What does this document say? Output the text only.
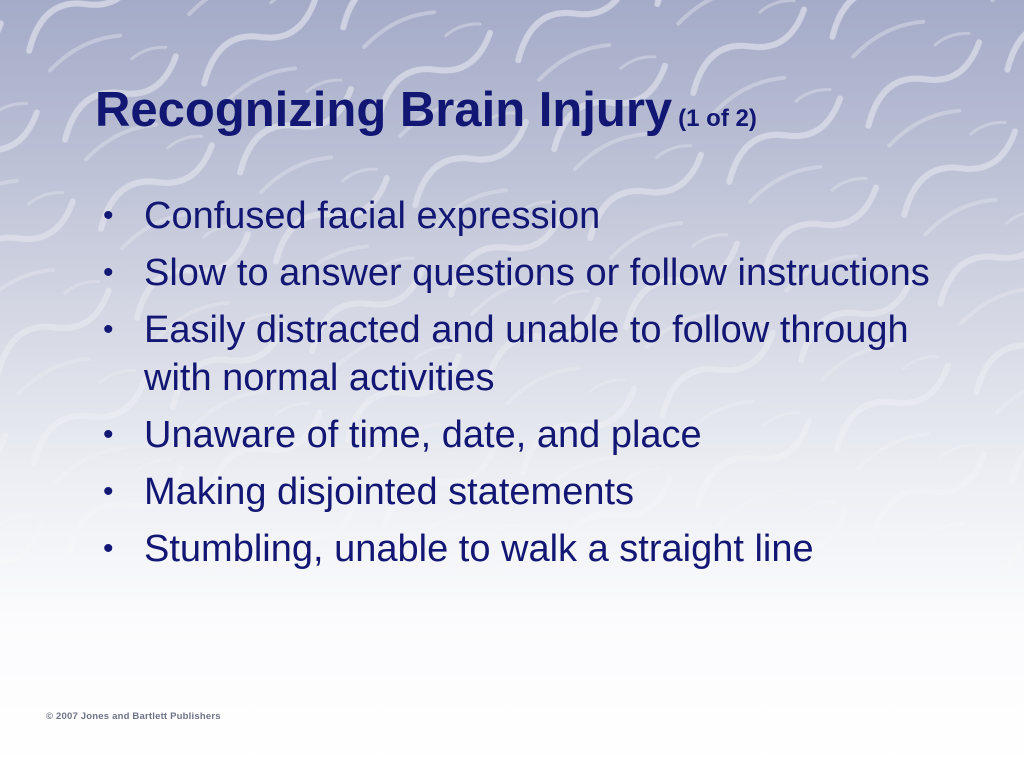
Recognizing Brain Injury (1 of 2)
• Confused facial expression
• Slow to answer questions or follow instructions
• Easily distracted and unable to follow through with normal activities
• Unaware of time, date, and place
• Making disjointed statements
• Stumbling, unable to walk a straight line
© 2007 Jones and Bartlett Publishers
